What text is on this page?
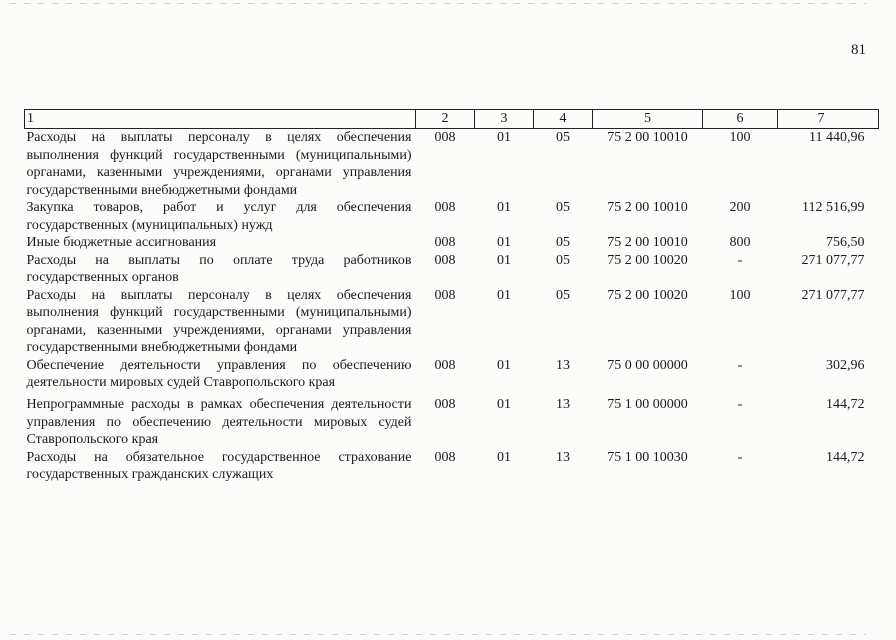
81
1	2	3	4	5	6	7
Расходы на выплаты персоналу в целях обеспечения выполнения функций государственными (муниципальными) органами, казенными учреждениями, органами управления государственными внебюджетными фондами	008	01	05	75 2 00 10010	100	11 440,96
Закупка товаров, работ и услуг для обеспечения государственных (муниципальных) нужд	008	01	05	75 2 00 10010	200	112 516,99
Иные бюджетные ассигнования	008	01	05	75 2 00 10010	800	756,50
Расходы на выплаты по оплате труда работников государственных органов	008	01	05	75 2 00 10020	-	271 077,77
Расходы на выплаты персоналу в целях обеспечения выполнения функций государственными (муниципальными) органами, казенными учреждениями, органами управления государственными внебюджетными фондами	008	01	05	75 2 00 10020	100	271 077,77
Обеспечение деятельности управления по обеспечению деятельности мировых судей Ставропольского края	008	01	13	75 0 00 00000	-	302,96
Непрограммные расходы в рамках обеспечения деятельности управления по обеспечению деятельности мировых судей Ставропольского края	008	01	13	75 1 00 00000	-	144,72
Расходы на обязательное государственное страхование государственных гражданских служащих	008	01	13	75 1 00 10030	-	144,72
